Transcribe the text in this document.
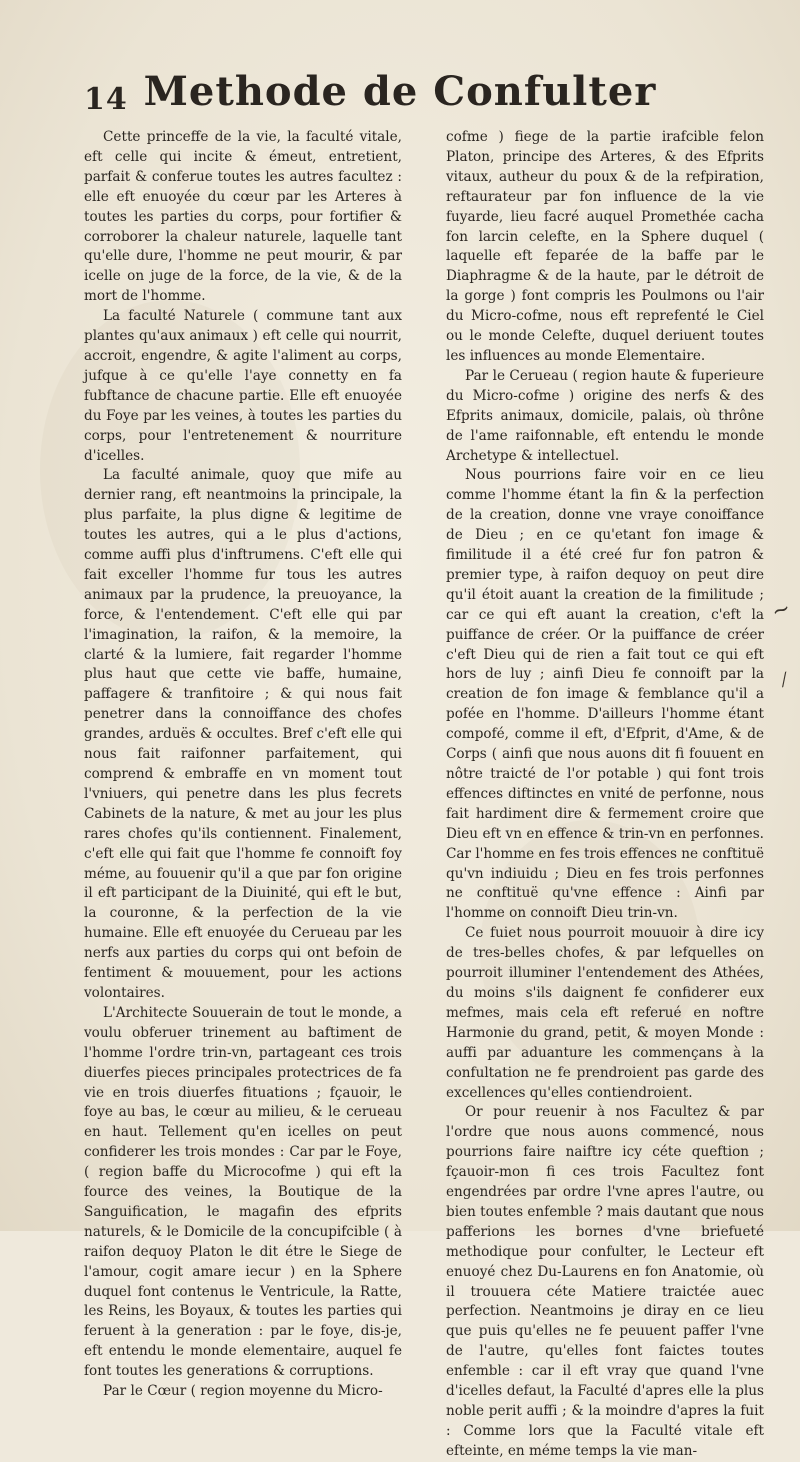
14 Methode de Confulter

Cette princeffe de la vie, la faculté vitale, eft celle qui incite & émeut, entretient, parfait & conferue toutes les autres facultez : elle eft enuoyée du cœur par les Arteres à toutes les parties du corps, pour fortifier & corroborer la chaleur naturele, laquelle tant qu'elle dure, l'homme ne peut mourir, & par icelle on juge de la force, de la vie, & de la mort de l'homme.

La faculté Naturele ( commune tant aux plantes qu'aux animaux ) eft celle qui nourrit, accroit, engendre, & agite l'aliment au corps, jufque à ce qu'elle l'aye connetty en fa fubftance de chacune partie. Elle eft enuoyée du Foye par les veines, à toutes les parties du corps, pour l'entretenement & nourriture d'icelles.

La faculté animale, quoy que mife au dernier rang, eft neantmoins la principale, la plus parfaite, la plus digne & legitime de toutes les autres, qui a le plus d'actions, comme auffi plus d'inftrumens. C'eft elle qui fait exceller l'homme fur tous les autres animaux par la prudence, la preuoyance, la force, & l'entendement. C'eft elle qui par l'imagination, la raifon, & la memoire, la clarté & la lumiere, fait regarder l'homme plus haut que cette vie baffe, humaine, paffagere & tranfitoire ; & qui nous fait penetrer dans la connoiffance des chofes grandes, arduës & occultes. Bref c'eft elle qui nous fait raifonner parfaitement, qui comprend & embraffe en vn moment tout l'vniuers, qui penetre dans les plus fecrets Cabinets de la nature, & met au jour les plus rares chofes qu'ils contiennent. Finalement, c'eft elle qui fait que l'homme fe connoift foy méme, au fouuenir qu'il a que par fon origine il eft participant de la Diuinité, qui eft le but, la couronne, & la perfection de la vie humaine. Elle eft enuoyée du Cerueau par les nerfs aux parties du corps qui ont befoin de fentiment & mouuement, pour les actions volontaires.

L'Architecte Souuerain de tout le monde, a voulu obferuer trinement au baftiment de l'homme l'ordre trin-vn, partageant ces trois diuerfes pieces principales protectrices de fa vie en trois diuerfes fituations ; fçauoir, le foye au bas, le cœur au milieu, & le cerueau en haut. Tellement qu'en icelles on peut confiderer les trois mondes : Car par le Foye, ( region baffe du Microcofme ) qui eft la fource des veines, la Boutique de la Sanguification, le magafin des efprits naturels, & le Domicile de la concupifcible ( à raifon dequoy Platon le dit étre le Siege de l'amour, cogit amare iecur ) en la Sphere duquel font contenus le Ventricule, la Ratte, les Reins, les Boyaux, & toutes les parties qui feruent à la generation : par le foye, dis-je, eft entendu le monde elementaire, auquel fe font toutes les generations & corruptions.

Par le Cœur ( region moyenne du Micro-

cofme ) fiege de la partie irafcible felon Platon, principe des Arteres, & des Efprits vitaux, autheur du poux & de la refpiration, reftaurateur par fon influence de la vie fuyarde, lieu facré auquel Promethée cacha fon larcin celefte, en la Sphere duquel ( laquelle eft feparée de la baffe par le Diaphragme & de la haute, par le détroit de la gorge ) font compris les Poulmons ou l'air du Micro-cofme, nous eft reprefenté le Ciel ou le monde Celefte, duquel deriuent toutes les influences au monde Elementaire.

Par le Cerueau ( region haute & fuperieure du Micro-cofme ) origine des nerfs & des Efprits animaux, domicile, palais, où thrône de l'ame raifonnable, eft entendu le monde Archetype & intellectuel.

Nous pourrions faire voir en ce lieu comme l'homme étant la fin & la perfection de la creation, donne vne vraye conoiffance de Dieu ; en ce qu'etant fon image & fimilitude il a été creé fur fon patron & premier type, à raifon dequoy on peut dire qu'il étoit auant la creation de la fimilitude ; car ce qui eft auant la creation, c'eft la puiffance de créer. Or la puiffance de créer c'eft Dieu qui de rien a fait tout ce qui eft hors de luy ; ainfi Dieu fe connoift par la creation de fon image & femblance qu'il a pofée en l'homme. D'ailleurs l'homme étant compofé, comme il eft, d'Efprit, d'Ame, & de Corps ( ainfi que nous auons dit fi fouuent en nôtre traicté de l'or potable ) qui font trois effences diftinctes en vnité de perfonne, nous fait hardiment dire & fermement croire que Dieu eft vn en effence & trin-vn en perfonnes. Car l'homme en fes trois effences ne conftituë qu'vn indiuidu ; Dieu en fes trois perfonnes ne conftituë qu'vne effence : Ainfi par l'homme on connoift Dieu trin-vn.

Ce fuiet nous pourroit mouuoir à dire icy de tres-belles chofes, & par lefquelles on pourroit illuminer l'entendement des Athées, du moins s'ils daignent fe confiderer eux mefmes, mais cela eft referué en noftre Harmonie du grand, petit, & moyen Monde : auffi par aduanture les commençans à la confultation ne fe prendroient pas garde des excellences qu'elles contiendroient.

Or pour reuenir à nos Facultez & par l'ordre que nous auons commencé, nous pourrions faire naiftre icy céte queftion ; fçauoir-mon fi ces trois Facultez font engendrées par ordre l'vne apres l'autre, ou bien toutes enfemble ? mais dautant que nous pafferions les bornes d'vne briefueté methodique pour confulter, le Lecteur eft enuoyé chez Du-Laurens en fon Anatomie, où il trouuera céte Matiere traictée auec perfection. Neantmoins je diray en ce lieu que puis qu'elles ne fe peuuent paffer l'vne de l'autre, qu'elles font faictes toutes enfemble : car il eft vray que quand l'vne d'icelles defaut, la Faculté d'apres elle la plus noble perit auffi ; & la moindre d'apres la fuit : Comme lors que la Faculté vitale eft efteinte, en méme temps la vie man-

~
⁄
